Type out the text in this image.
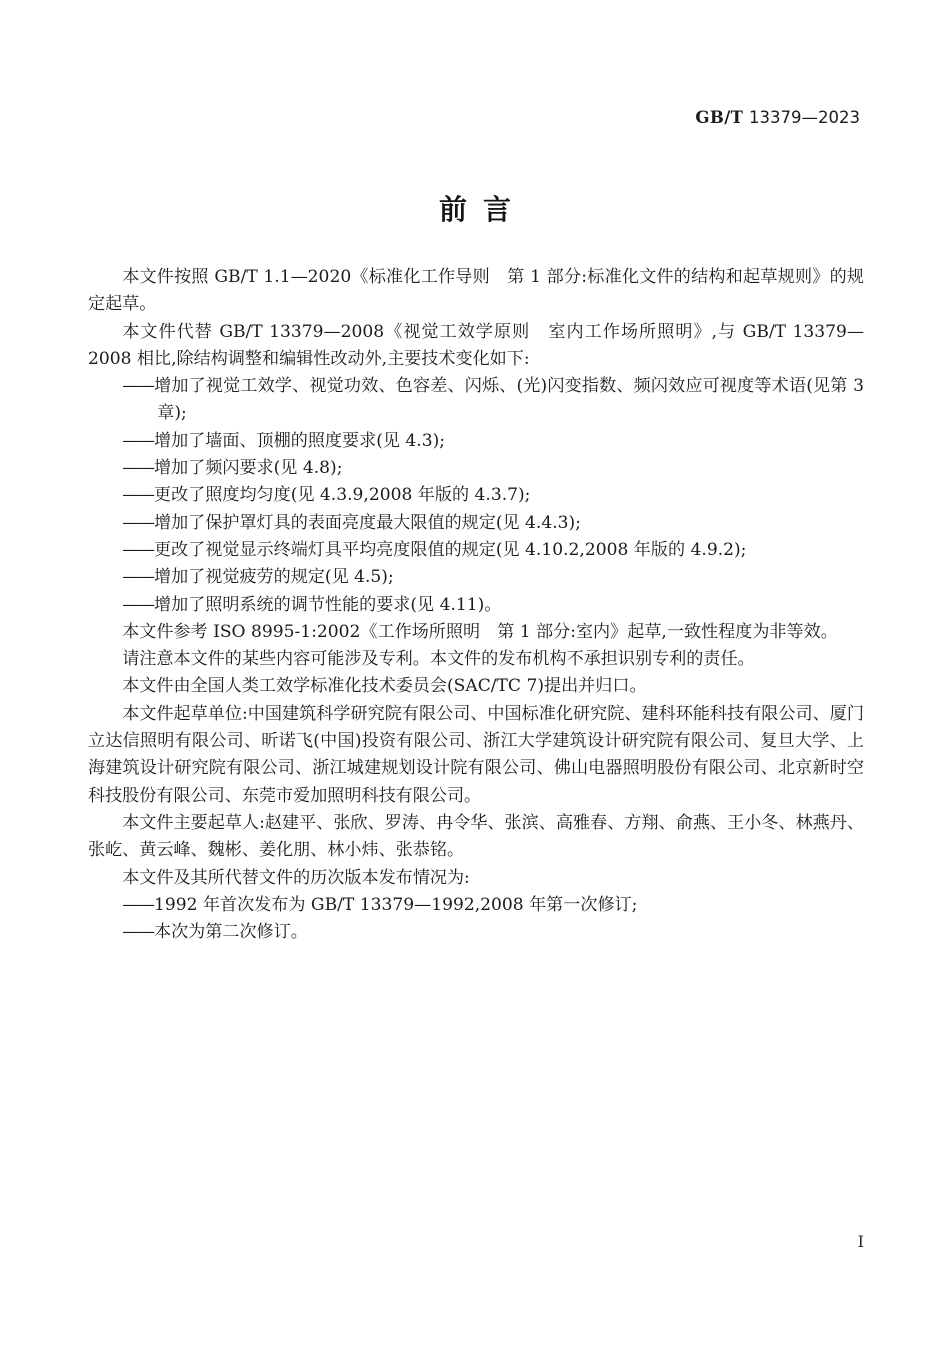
GB/T 13379—2023
前言

本文件按照 GB/T 1.1—2020《标准化工作导则　第 1 部分:标准化文件的结构和起草规则》的规定起草。

本文件代替 GB/T 13379—2008《视觉工效学原则　室内工作场所照明》,与 GB/T 13379—2008 相比,除结构调整和编辑性改动外,主要技术变化如下:

——增加了视觉工效学、视觉功效、色容差、闪烁、(光)闪变指数、频闪效应可视度等术语(见第 3 章);

——增加了墙面、顶棚的照度要求(见 4.3);

——增加了频闪要求(见 4.8);

——更改了照度均匀度(见 4.3.9,2008 年版的 4.3.7);

——增加了保护罩灯具的表面亮度最大限值的规定(见 4.4.3);

——更改了视觉显示终端灯具平均亮度限值的规定(见 4.10.2,2008 年版的 4.9.2);

——增加了视觉疲劳的规定(见 4.5);

——增加了照明系统的调节性能的要求(见 4.11)。

本文件参考 ISO 8995-1:2002《工作场所照明　第 1 部分:室内》起草,一致性程度为非等效。

请注意本文件的某些内容可能涉及专利。本文件的发布机构不承担识别专利的责任。

本文件由全国人类工效学标准化技术委员会(SAC/TC 7)提出并归口。

本文件起草单位:中国建筑科学研究院有限公司、中国标准化研究院、建科环能科技有限公司、厦门立达信照明有限公司、昕诺飞(中国)投资有限公司、浙江大学建筑设计研究院有限公司、复旦大学、上海建筑设计研究院有限公司、浙江城建规划设计院有限公司、佛山电器照明股份有限公司、北京新时空科技股份有限公司、东莞市爱加照明科技有限公司。

本文件主要起草人:赵建平、张欣、罗涛、冉令华、张滨、高雅春、方翔、俞燕、王小冬、林燕丹、张屹、黄云峰、魏彬、姜化朋、林小炜、张恭铭。

本文件及其所代替文件的历次版本发布情况为:

——1992 年首次发布为 GB/T 13379—1992,2008 年第一次修订;

——本次为第二次修订。

I
